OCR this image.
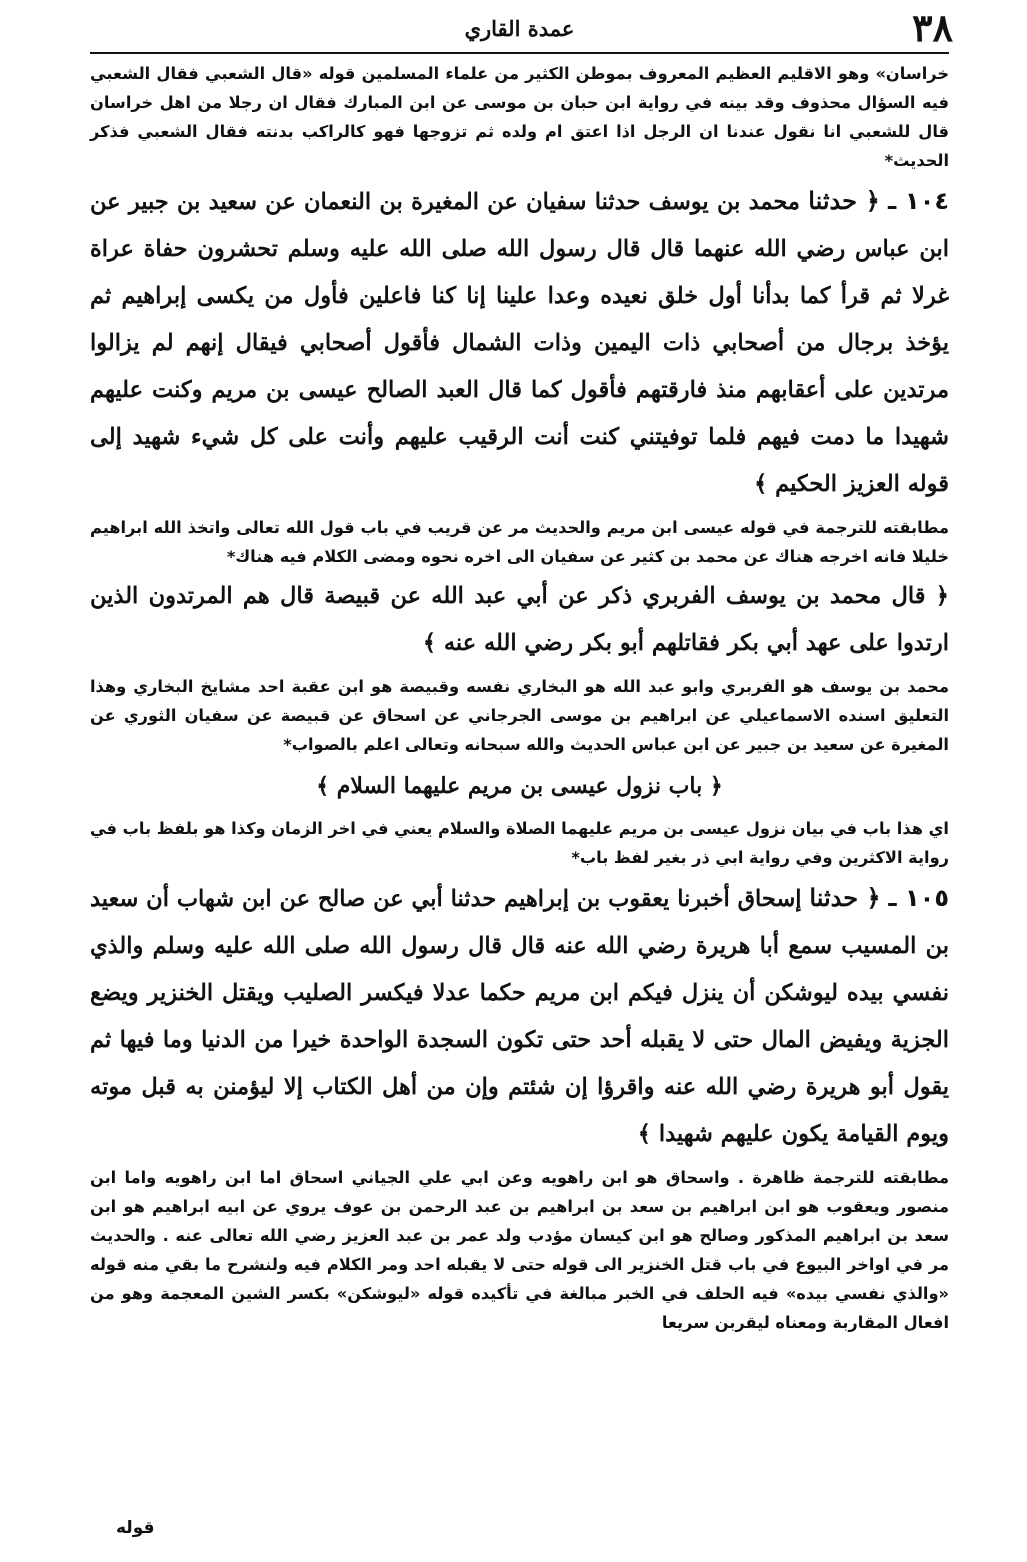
٣٨
عمدة القاري

خراسان» وهو الاقليم العظيم المعروف بموطن الكثير من علماء المسلمين قوله «قال الشعبي فقال الشعبي فيه السؤال محذوف وقد بينه في رواية ابن حبان بن موسى عن ابن المبارك فقال ان رجلا من اهل خراسان قال للشعبي انا نقول عندنا ان الرجل اذا اعتق ام ولده ثم تزوجها فهو كالراكب بدنته فقال الشعبي فذكر الحديث*

١٠٤ ـ ﴿ حدثنا محمد بن يوسف حدثنا سفيان عن المغيرة بن النعمان عن سعيد بن جبير عن ابن عباس رضي الله عنهما قال قال رسول الله صلى الله عليه وسلم تحشرون حفاة عراة غرلا ثم قرأ كما بدأنا أول خلق نعيده وعدا علينا إنا كنا فاعلين فأول من يكسى إبراهيم ثم يؤخذ برجال من أصحابي ذات اليمين وذات الشمال فأقول أصحابي فيقال إنهم لم يزالوا مرتدين على أعقابهم منذ فارقتهم فأقول كما قال العبد الصالح عيسى بن مريم وكنت عليهم شهيدا ما دمت فيهم فلما توفيتني كنت أنت الرقيب عليهم وأنت على كل شيء شهيد إلى قوله العزيز الحكيم ﴾

مطابقته للترجمة في قوله عيسى ابن مريم والحديث مر عن قريب في باب قول الله تعالى واتخذ الله ابراهيم خليلا فانه اخرجه هناك عن محمد بن كثير عن سفيان الى اخره نحوه ومضى الكلام فيه هناك*

﴿ قال محمد بن يوسف الفربري ذكر عن أبي عبد الله عن قبيصة قال هم المرتدون الذين ارتدوا على عهد أبي بكر فقاتلهم أبو بكر رضي الله عنه ﴾

محمد بن يوسف هو الفربري وابو عبد الله هو البخاري نفسه وقبيصة هو ابن عقبة احد مشايخ البخاري وهذا التعليق اسنده الاسماعيلي عن ابراهيم بن موسى الجرجاني عن اسحاق عن قبيصة عن سفيان الثوري عن المغيرة عن سعيد بن جبير عن ابن عباس الحديث والله سبحانه وتعالى اعلم بالصواب*

﴿ باب نزول عيسى بن مريم عليهما السلام ﴾

اي هذا باب في بيان نزول عيسى بن مريم عليهما الصلاة والسلام يعني في اخر الزمان وكذا هو بلفظ باب في رواية الاكثرين وفي رواية ابي ذر بغير لفظ باب*

١٠٥ ـ ﴿ حدثنا إسحاق أخبرنا يعقوب بن إبراهيم حدثنا أبي عن صالح عن ابن شهاب أن سعيد بن المسيب سمع أبا هريرة رضي الله عنه قال قال رسول الله صلى الله عليه وسلم والذي نفسي بيده ليوشكن أن ينزل فيكم ابن مريم حكما عدلا فيكسر الصليب ويقتل الخنزير ويضع الجزية ويفيض المال حتى لا يقبله أحد حتى تكون السجدة الواحدة خيرا من الدنيا وما فيها ثم يقول أبو هريرة رضي الله عنه واقرؤا إن شئتم وإن من أهل الكتاب إلا ليؤمنن به قبل موته ويوم القيامة يكون عليهم شهيدا ﴾

مطابقته للترجمة ظاهرة . واسحاق هو ابن راهويه وعن ابي علي الجياني اسحاق اما ابن راهويه واما ابن منصور ويعقوب هو ابن ابراهيم بن سعد بن ابراهيم بن عبد الرحمن بن عوف يروي عن ابيه ابراهيم هو ابن سعد بن ابراهيم المذكور وصالح هو ابن كيسان مؤدب ولد عمر بن عبد العزيز رضي الله تعالى عنه . والحديث مر في اواخر البيوع في باب قتل الخنزير الى قوله حتى لا يقبله احد ومر الكلام فيه ولنشرح ما بقي منه قوله «والذي نفسي بيده» فيه الحلف في الخبر مبالغة في تأكيده قوله «ليوشكن» بكسر الشين المعجمة وهو من افعال المقاربة ومعناه ليقربن سريعا

قوله
